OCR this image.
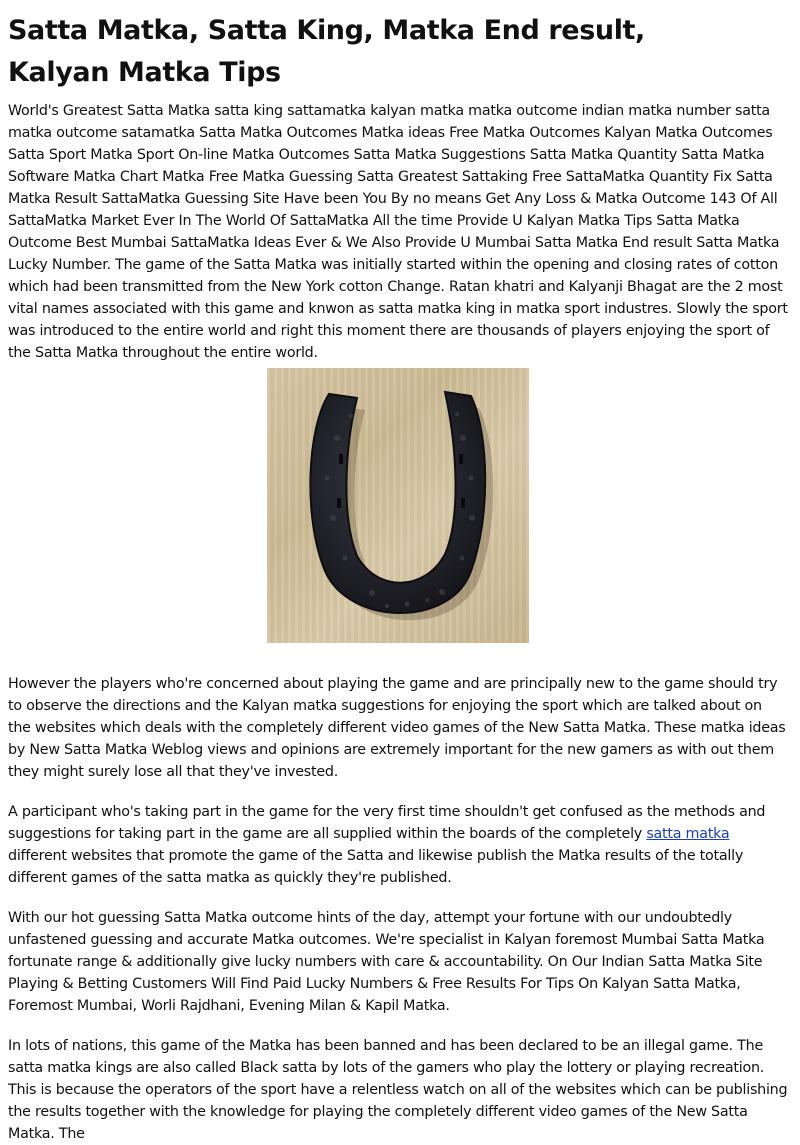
Satta Matka, Satta King, Matka End result,
Kalyan Matka Tips

World's Greatest Satta Matka satta king sattamatka kalyan matka matka outcome indian matka number satta matka outcome satamatka Satta Matka Outcomes Matka ideas Free Matka Outcomes Kalyan Matka Outcomes Satta Sport Matka Sport On-line Matka Outcomes Satta Matka Suggestions Satta Matka Quantity Satta Matka Software Matka Chart Matka Free Matka Guessing Satta Greatest Sattaking Free SattaMatka Quantity Fix Satta Matka Result SattaMatka Guessing Site Have been You By no means Get Any Loss & Matka Outcome 143 Of All SattaMatka Market Ever In The World Of SattaMatka All the time Provide U Kalyan Matka Tips Satta Matka Outcome Best Mumbai SattaMatka Ideas Ever & We Also Provide U Mumbai Satta Matka End result Satta Matka Lucky Number. The game of the Satta Matka was initially started within the opening and closing rates of cotton which had been transmitted from the New York cotton Change. Ratan khatri and Kalyanji Bhagat are the 2 most vital names associated with this game and knwon as satta matka king in matka sport industres. Slowly the sport was introduced to the entire world and right this moment there are thousands of players enjoying the sport of the Satta Matka throughout the entire world.

However the players who're concerned about playing the game and are principally new to the game should try to observe the directions and the Kalyan matka suggestions for enjoying the sport which are talked about on the websites which deals with the completely different video games of the New Satta Matka. These matka ideas by New Satta Matka Weblog views and opinions are extremely important for the new gamers as with out them they might surely lose all that they've invested.

A participant who's taking part in the game for the very first time shouldn't get confused as the methods and suggestions for taking part in the game are all supplied within the boards of the completely satta matka different websites that promote the game of the Satta and likewise publish the Matka results of the totally different games of the satta matka as quickly they're published.

With our hot guessing Satta Matka outcome hints of the day, attempt your fortune with our undoubtedly unfastened guessing and accurate Matka outcomes. We're specialist in Kalyan foremost Mumbai Satta Matka fortunate range & additionally give lucky numbers with care & accountability. On Our Indian Satta Matka Site Playing & Betting Customers Will Find Paid Lucky Numbers & Free Results For Tips On Kalyan Satta Matka, Foremost Mumbai, Worli Rajdhani, Evening Milan & Kapil Matka.

In lots of nations, this game of the Matka has been banned and has been declared to be an illegal game. The satta matka kings are also called Black satta by lots of the gamers who play the lottery or playing recreation. This is because the operators of the sport have a relentless watch on all of the websites which can be publishing the results together with the knowledge for playing the completely different video games of the New Satta Matka. The
